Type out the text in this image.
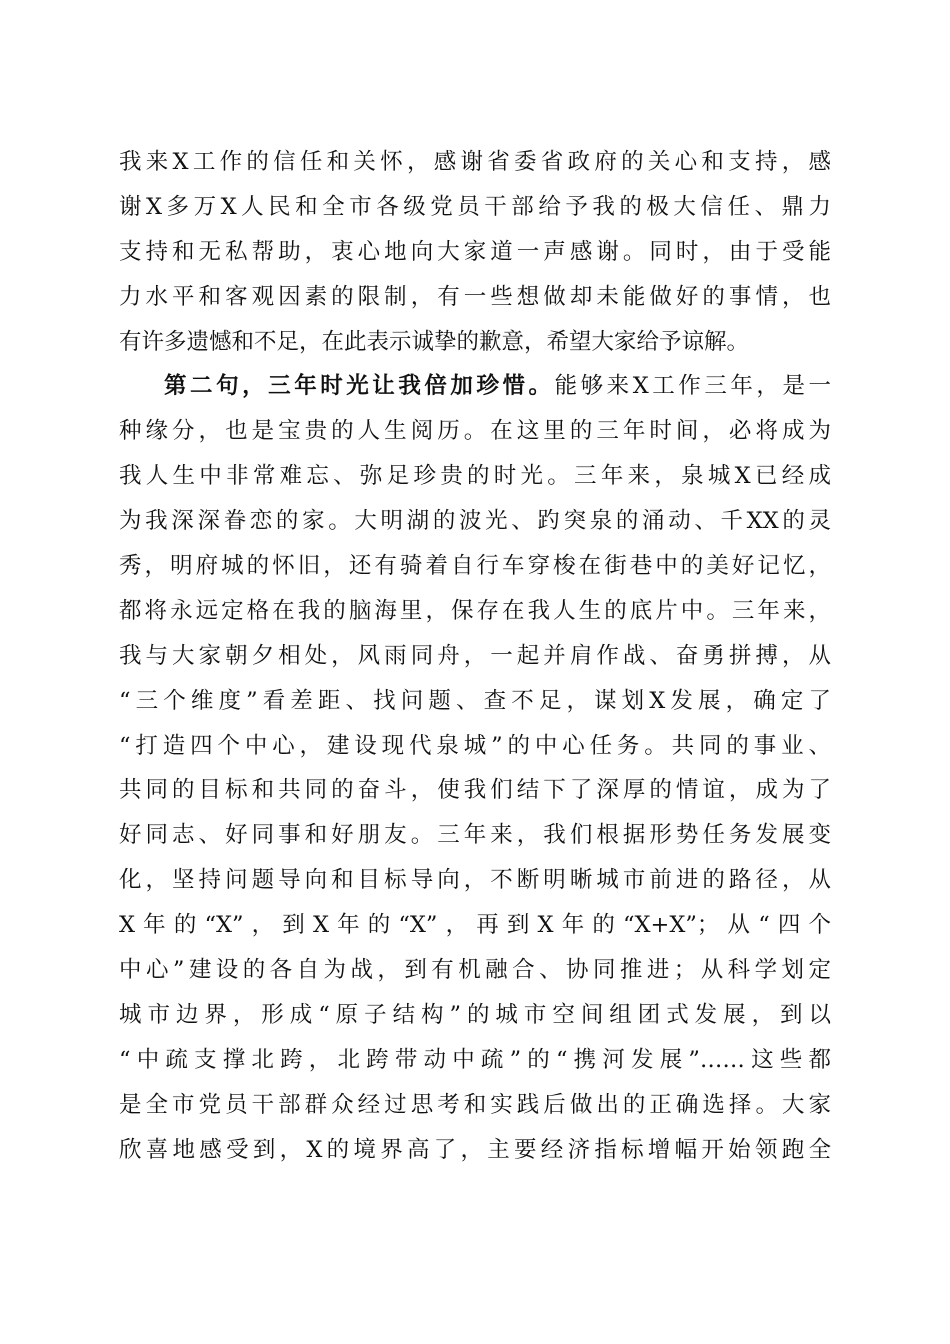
我来X工作的信任和关怀，感谢省委省政府的关心和支持，感
谢X多万X人民和全市各级党员干部给予我的极大信任、鼎力
支持和无私帮助，衷心地向大家道一声感谢。同时，由于受能
力水平和客观因素的限制，有一些想做却未能做好的事情，也
有许多遗憾和不足，在此表示诚挚的歉意，希望大家给予谅解。
第二句，三年时光让我倍加珍惜。能够来X工作三年，是一
种缘分，也是宝贵的人生阅历。在这里的三年时间，必将成为
我人生中非常难忘、弥足珍贵的时光。三年来，泉城X已经成
为我深深眷恋的家。大明湖的波光、趵突泉的涌动、千XX的灵
秀，明府城的怀旧，还有骑着自行车穿梭在街巷中的美好记忆，
都将永远定格在我的脑海里，保存在我人生的底片中。三年来，
我与大家朝夕相处，风雨同舟，一起并肩作战、奋勇拼搏，从
“三个维度”看差距、找问题、查不足，谋划X发展，确定了
“打造四个中心，建设现代泉城”的中心任务。共同的事业、
共同的目标和共同的奋斗，使我们结下了深厚的情谊，成为了
好同志、好同事和好朋友。三年来，我们根据形势任务发展变
化，坚持问题导向和目标导向，不断明晰城市前进的路径，从
X年的“X”，到X年的“X”，再到X年的“X+X”；从“四个
中心”建设的各自为战，到有机融合、协同推进；从科学划定
城市边界，形成“原子结构”的城市空间组团式发展，到以
“中疏支撑北跨，北跨带动中疏”的“携河发展”……这些都
是全市党员干部群众经过思考和实践后做出的正确选择。大家
欣喜地感受到，X的境界高了，主要经济指标增幅开始领跑全
